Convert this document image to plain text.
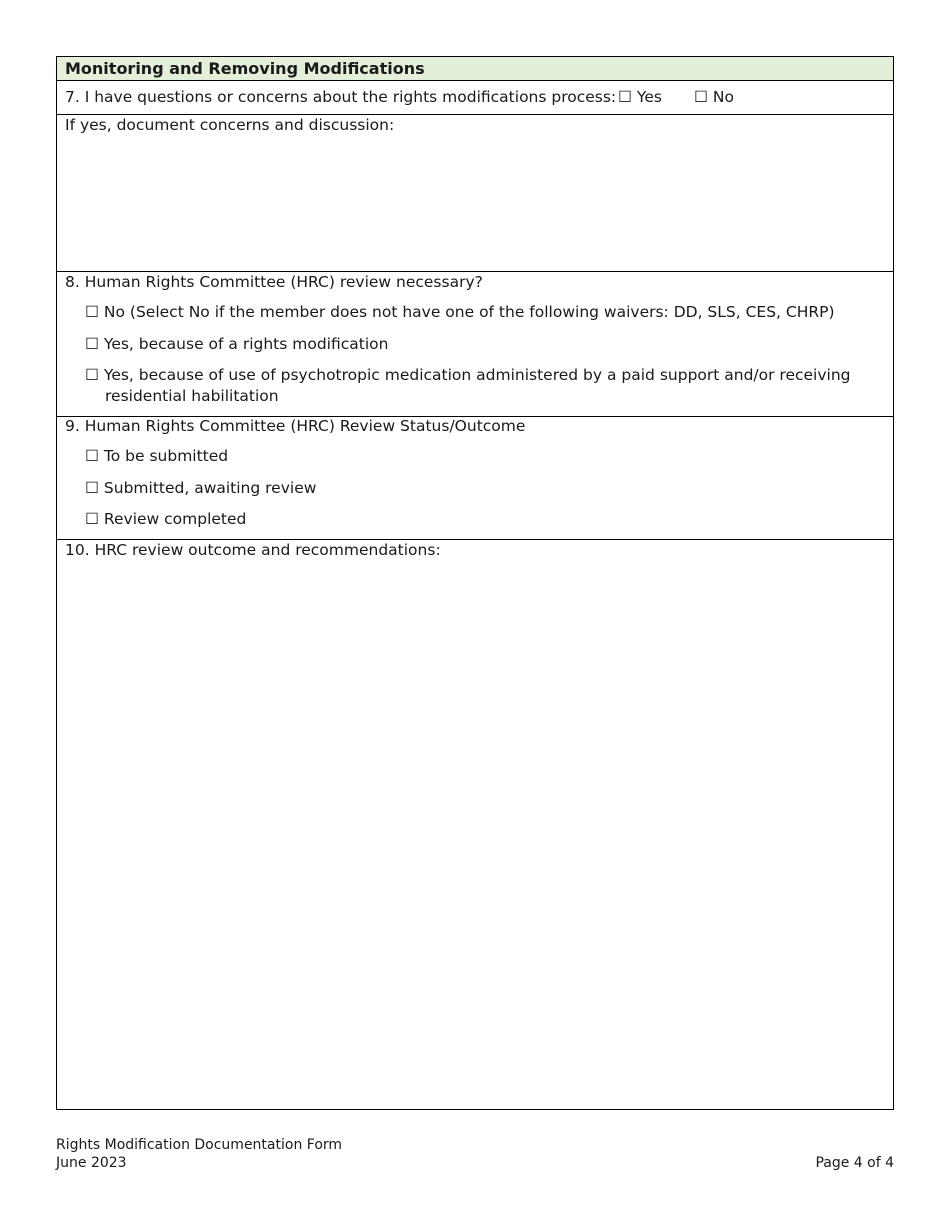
Monitoring and Removing Modifications
7. I have questions or concerns about the rights modifications process: ☐ Yes ☐ No
If yes, document concerns and discussion:
8. Human Rights Committee (HRC) review necessary?
☐ No (Select No if the member does not have one of the following waivers: DD, SLS, CES, CHRP)
☐ Yes, because of a rights modification
☐ Yes, because of use of psychotropic medication administered by a paid support and/or receiving
residential habilitation
9. Human Rights Committee (HRC) Review Status/Outcome
☐ To be submitted
☐ Submitted, awaiting review
☐ Review completed
10. HRC review outcome and recommendations:
Rights Modification Documentation Form
June 2023	Page 4 of 4
